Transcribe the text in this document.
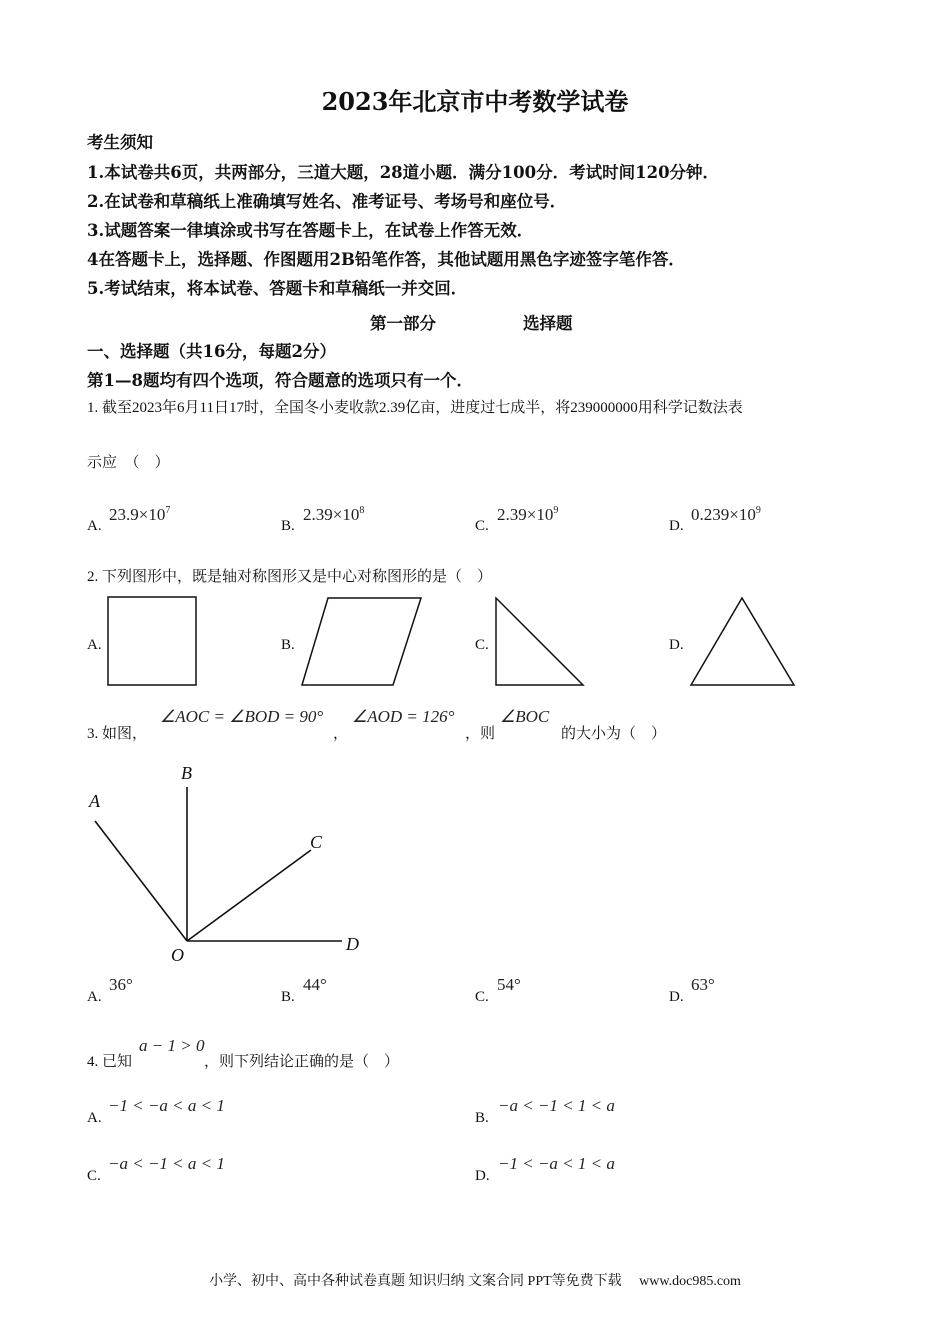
2023年北京市中考数学试卷
考生须知
1.本试卷共6页，共两部分，三道大题，28道小题．满分100分．考试时间120分钟．
2.在试卷和草稿纸上准确填写姓名、准考证号、考场号和座位号．
3.试题答案一律填涂或书写在答题卡上，在试卷上作答无效．
4在答题卡上，选择题、作图题用2B铅笔作答，其他试题用黑色字迹签字笔作答．
5.考试结束，将本试卷、答题卡和草稿纸一并交回．
第一部分	选择题
一、选择题（共16分，每题2分）
第1—8题均有四个选项，符合题意的选项只有一个．
1. 截至2023年6月11日17时，全国冬小麦收款2.39亿亩，进度过七成半，将239000000用科学记数法表
示应　（　）
A.
$23.9\times 10^7$
B.
$2.39\times 10^8$
C.
$2.39\times 10^9$
D.
$0.239\times 10^9$
2. 下列图形中，既是轴对称图形又是中心对称图形的是（　）
A.	B.	C.	D.
3. 如图，
∠AOC = ∠BOD = 90°
，
∠AOD = 126°
，则
∠BOC
的大小为（　）
A
B
C
D
O
A.
36°
B.
44°
C.
54°
D.
63°
4. 已知
a − 1 > 0
，则下列结论正确的是（　）
A.
−1 < −a < a < 1
B.
−a < −1 < 1 < a
C.
−a < −1 < a < 1
D.
−1 < −a < 1 < a
小学、初中、高中各种试卷真题 知识归纳 文案合同 PPT等免费下载　 www.doc985.com
